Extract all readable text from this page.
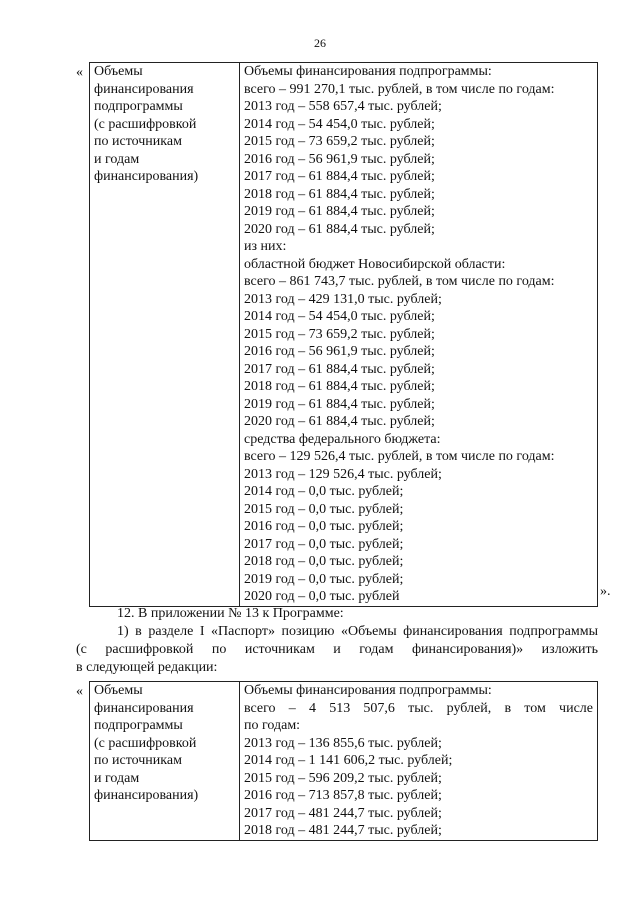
26
« Объемы
финансирования
подпрограммы
(с расшифровкой
по источникам
и годам
финансирования)

Объемы финансирования подпрограммы:
всего – 991 270,1 тыс. рублей, в том числе по годам:
2013 год – 558 657,4 тыс. рублей;
2014 год – 54 454,0 тыс. рублей;
2015 год – 73 659,2 тыс. рублей;
2016 год – 56 961,9 тыс. рублей;
2017 год – 61 884,4 тыс. рублей;
2018 год – 61 884,4 тыс. рублей;
2019 год – 61 884,4 тыс. рублей;
2020 год – 61 884,4 тыс. рублей;
из них:
областной бюджет Новосибирской области:
всего – 861 743,7 тыс. рублей, в том числе по годам:
2013 год – 429 131,0 тыс. рублей;
2014 год – 54 454,0 тыс. рублей;
2015 год – 73 659,2 тыс. рублей;
2016 год – 56 961,9 тыс. рублей;
2017 год – 61 884,4 тыс. рублей;
2018 год – 61 884,4 тыс. рублей;
2019 год – 61 884,4 тыс. рублей;
2020 год – 61 884,4 тыс. рублей;
средства федерального бюджета:
всего – 129 526,4 тыс. рублей, в том числе по годам:
2013 год – 129 526,4 тыс. рублей;
2014 год – 0,0 тыс. рублей;
2015 год – 0,0 тыс. рублей;
2016 год – 0,0 тыс. рублей;
2017 год – 0,0 тыс. рублей;
2018 год – 0,0 тыс. рублей;
2019 год – 0,0 тыс. рублей;
2020 год – 0,0 тыс. рублей	».
12. В приложении № 13 к Программе:
1) в разделе I «Паспорт» позицию «Объемы финансирования подпрограммы
(с расшифровкой по источникам и годам финансирования)» изложить
в следующей редакции:
« Объемы
финансирования
подпрограммы
(с расшифровкой
по источникам
и годам
финансирования)

Объемы финансирования подпрограммы:
всего – 4 513 507,6 тыс. рублей, в том числе
по годам:
2013 год – 136 855,6 тыс. рублей;
2014 год – 1 141 606,2 тыс. рублей;
2015 год – 596 209,2 тыс. рублей;
2016 год – 713 857,8 тыс. рублей;
2017 год – 481 244,7 тыс. рублей;
2018 год – 481 244,7 тыс. рублей;
